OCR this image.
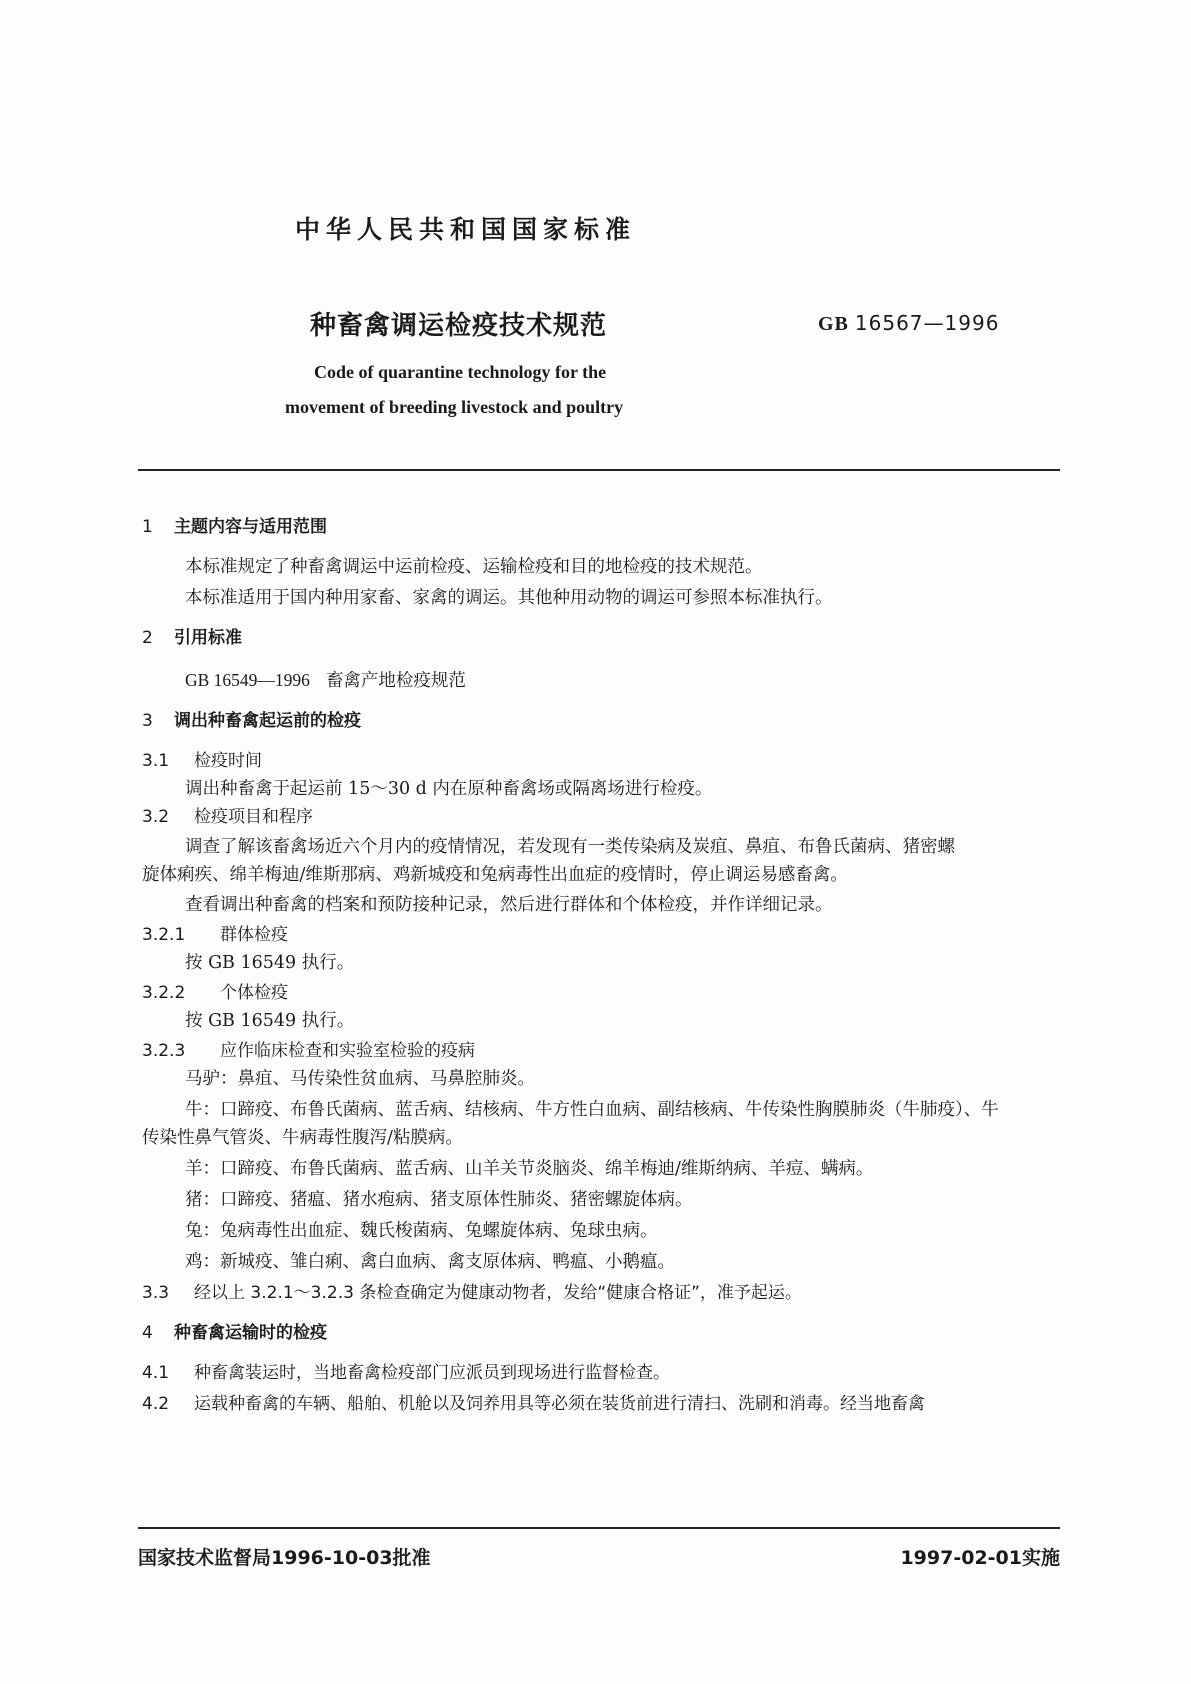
中华人民共和国国家标准
种畜禽调运检疫技术规范	GB 16567—1996
Code of quarantine technology for the
movement of breeding livestock and poultry
1 主题内容与适用范围
本标准规定了种畜禽调运中运前检疫、运输检疫和目的地检疫的技术规范。
本标准适用于国内种用家畜、家禽的调运。其他种用动物的调运可参照本标准执行。
2 引用标准
GB 16549—1996 畜禽产地检疫规范
3 调出种畜禽起运前的检疫
3.1 检疫时间
调出种畜禽于起运前 15～30 d 内在原种畜禽场或隔离场进行检疫。
3.2 检疫项目和程序
调查了解该畜禽场近六个月内的疫情情况，若发现有一类传染病及炭疽、鼻疽、布鲁氏菌病、猪密螺
旋体痢疾、绵羊梅迪/维斯那病、鸡新城疫和兔病毒性出血症的疫情时，停止调运易感畜禽。
查看调出种畜禽的档案和预防接种记录，然后进行群体和个体检疫，并作详细记录。
3.2.1 群体检疫
按 GB 16549 执行。
3.2.2 个体检疫
按 GB 16549 执行。
3.2.3 应作临床检查和实验室检验的疫病
马驴：鼻疽、马传染性贫血病、马鼻腔肺炎。
牛：口蹄疫、布鲁氏菌病、蓝舌病、结核病、牛方性白血病、副结核病、牛传染性胸膜肺炎（牛肺疫）、牛
传染性鼻气管炎、牛病毒性腹泻/粘膜病。
羊：口蹄疫、布鲁氏菌病、蓝舌病、山羊关节炎脑炎、绵羊梅迪/维斯纳病、羊痘、螨病。
猪：口蹄疫、猪瘟、猪水疱病、猪支原体性肺炎、猪密螺旋体病。
兔：兔病毒性出血症、魏氏梭菌病、兔螺旋体病、兔球虫病。
鸡：新城疫、雏白痢、禽白血病、禽支原体病、鸭瘟、小鹅瘟。
3.3 经以上 3.2.1～3.2.3 条检查确定为健康动物者，发给“健康合格证”，准予起运。
4 种畜禽运输时的检疫
4.1 种畜禽装运时，当地畜禽检疫部门应派员到现场进行监督检查。
4.2 运载种畜禽的车辆、船舶、机舱以及饲养用具等必须在装货前进行清扫、洗刷和消毒。经当地畜禽
国家技术监督局1996-10-03批准	1997-02-01实施
